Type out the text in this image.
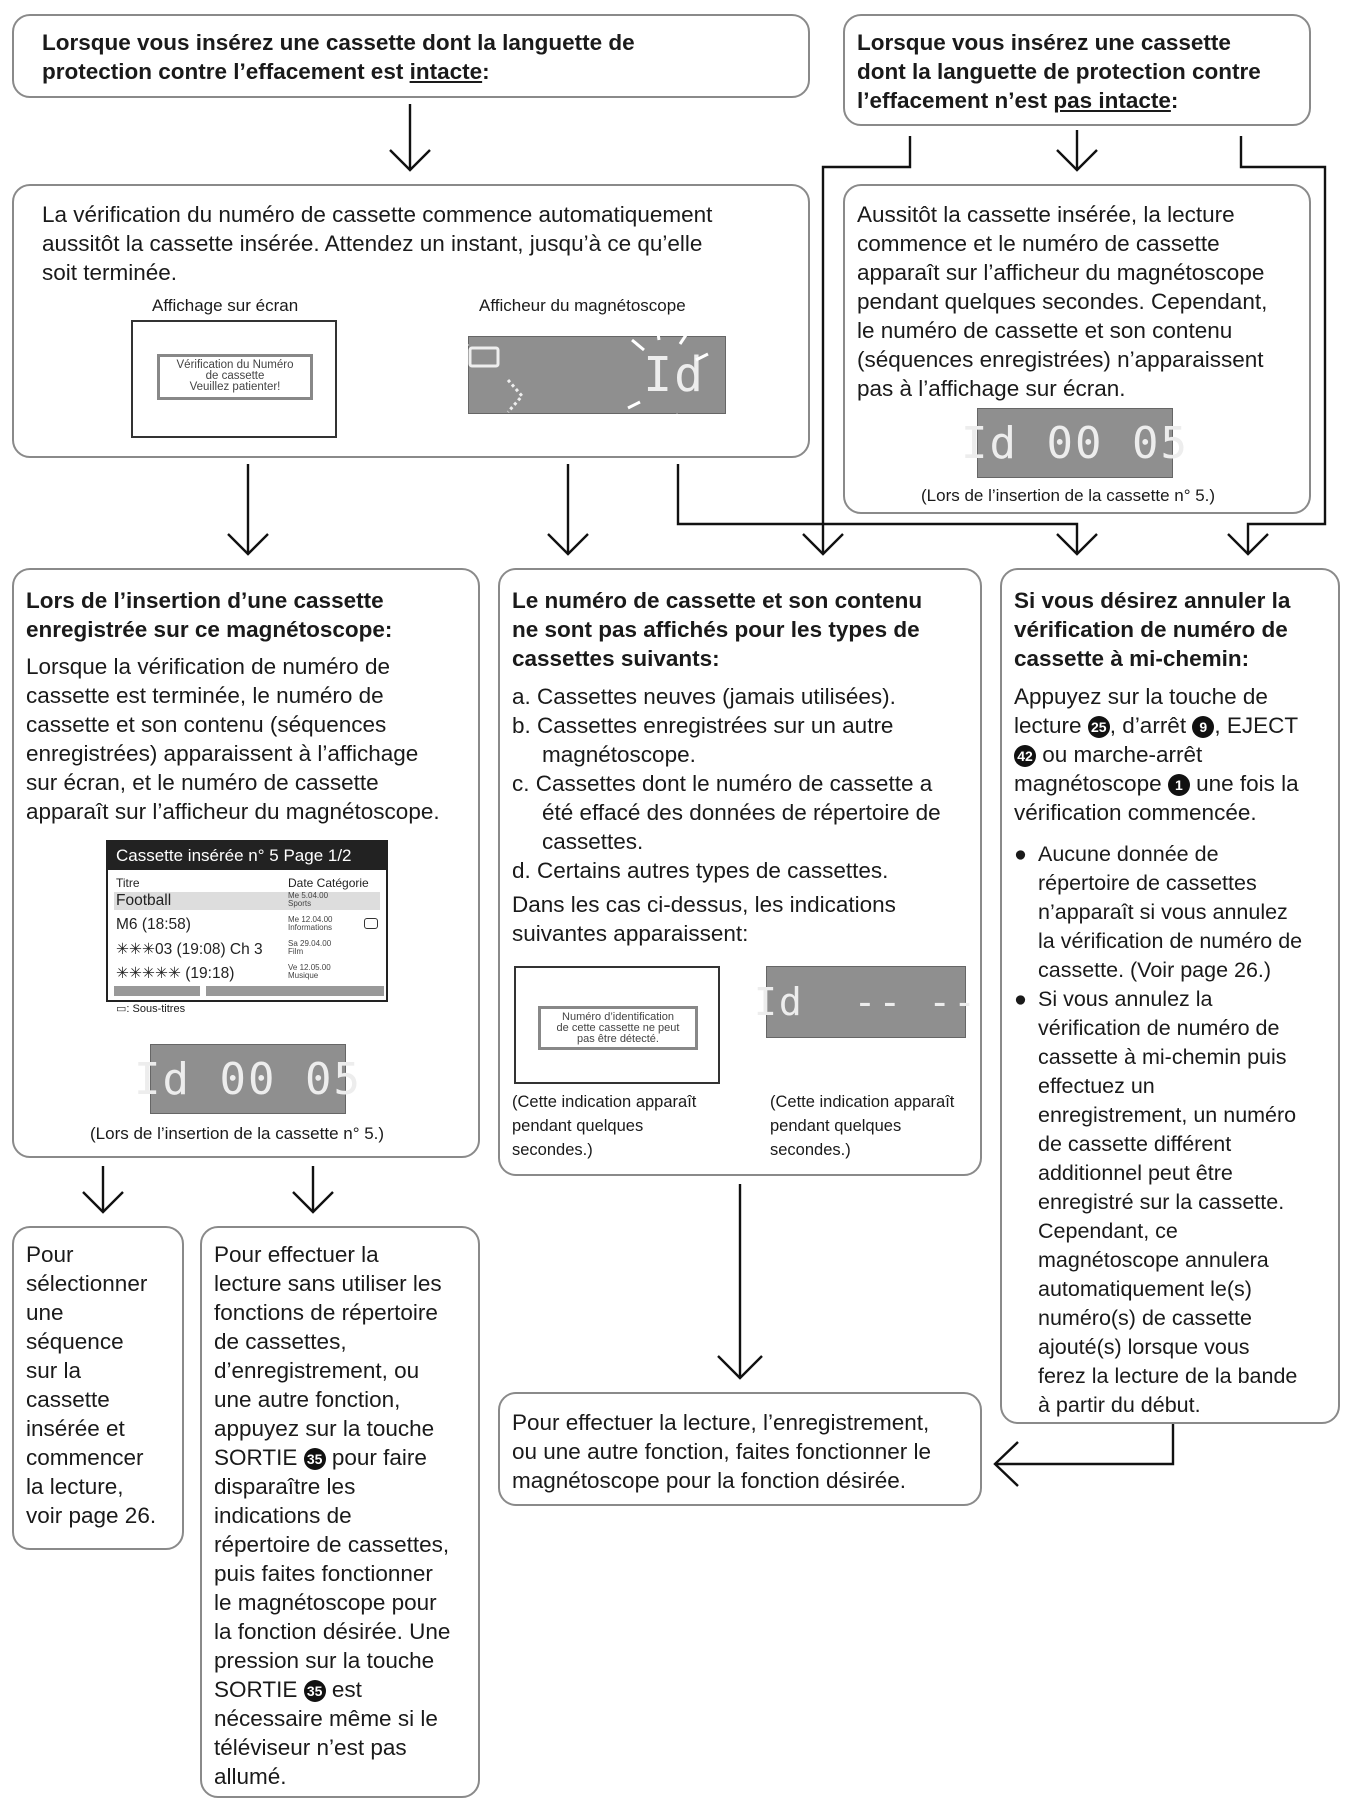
Lorsque vous insérez une cassette dont la languette de

protection contre l’effacement est intacte:

Lorsque vous insérez une cassette

dont la languette de protection contre

l’effacement n’est pas intacte:

La vérification du numéro de cassette commence automatiquement

aussitôt la cassette insérée. Attendez un instant, jusqu’à ce qu’elle

soit terminée.

Affichage sur écran	Afficheur du magnétoscope

Vérification du Numéro
de cassette
Veuillez patienter!	Id
Aussitôt la cassette insérée, la lecture
commence et le numéro de cassette
apparaît sur l’afficheur du magnétoscope
pendant quelques secondes. Cependant,
le numéro de cassette et son contenu
(séquences enregistrées) n’apparaissent
pas à l’affichage sur écran.
Id 00 05

(Lors de l’insertion de la cassette n° 5.)

Lors de l’insertion d’une cassette

enregistrée sur ce magnétoscope:

Lorsque la vérification de numéro de
cassette est terminée, le numéro de
cassette et son contenu (séquences
enregistrées) apparaissent à l’affichage
sur écran, et le numéro de cassette
apparaît sur l’afficheur du magnétoscope.
Cassette insérée n° 5 Page 1/2
Titre	Date Catégorie
Football	Me 5.04.00
Sports
M6 (18:58)	Me 12.04.00
Informations
✳✳✳03 (19:08) Ch 3	Sa 29.04.00
Film
✳✳✳✳✳ (19:18)	Ve 12.05.00
Musique
▭: Sous-titres
Id 00 05

(Lors de l’insertion de la cassette n° 5.)

Le numéro de cassette et son contenu

ne sont pas affichés pour les types de

cassettes suivants:

a. Cassettes neuves (jamais utilisées).
b. Cassettes enregistrées sur un autre
magnétoscope.
c. Cassettes dont le numéro de cassette a
été effacé des données de répertoire de
cassettes.
d. Certains autres types de cassettes.

Dans les cas ci-dessus, les indications

suivantes apparaissent:

Numéro d’identification
de cette cassette ne peut
pas être détecté.
Id  -- --
(Cette indication apparaît
pendant quelques
secondes.)
(Cette indication apparaît
pendant quelques
secondes.)

Si vous désirez annuler la

vérification de numéro de

cassette à mi-chemin:

Appuyez sur la touche de
lecture 25 , d’arrêt 9 , EJECT
42 ou marche-arrêt
magnétoscope 1 une fois la
vérification commencée.
● Aucune donnée de
répertoire de cassettes
n’apparaît si vous annulez
la vérification de numéro de
cassette. (Voir page 26.)
● Si vous annulez la
vérification de numéro de
cassette à mi-chemin puis
effectuez un
enregistrement, un numéro
de cassette différent
additionnel peut être
enregistré sur la cassette.
Cependant, ce
magnétoscope annulera
automatiquement le(s)
numéro(s) de cassette
ajouté(s) lorsque vous
ferez la lecture de la bande
à partir du début.
Pour
sélectionner
une
séquence
sur la
cassette
insérée et
commencer
la lecture,
voir page 26.
Pour effectuer la
lecture sans utiliser les
fonctions de répertoire
de cassettes,
d’enregistrement, ou
une autre fonction,
appuyez sur la touche
SORTIE 35 pour faire
disparaître les
indications de
répertoire de cassettes,
puis faites fonctionner
le magnétoscope pour
la fonction désirée. Une
pression sur la touche
SORTIE 35 est
nécessaire même si le
téléviseur n’est pas
allumé.

Pour effectuer la lecture, l’enregistrement,

ou une autre fonction, faites fonctionner le

magnétoscope pour la fonction désirée.
